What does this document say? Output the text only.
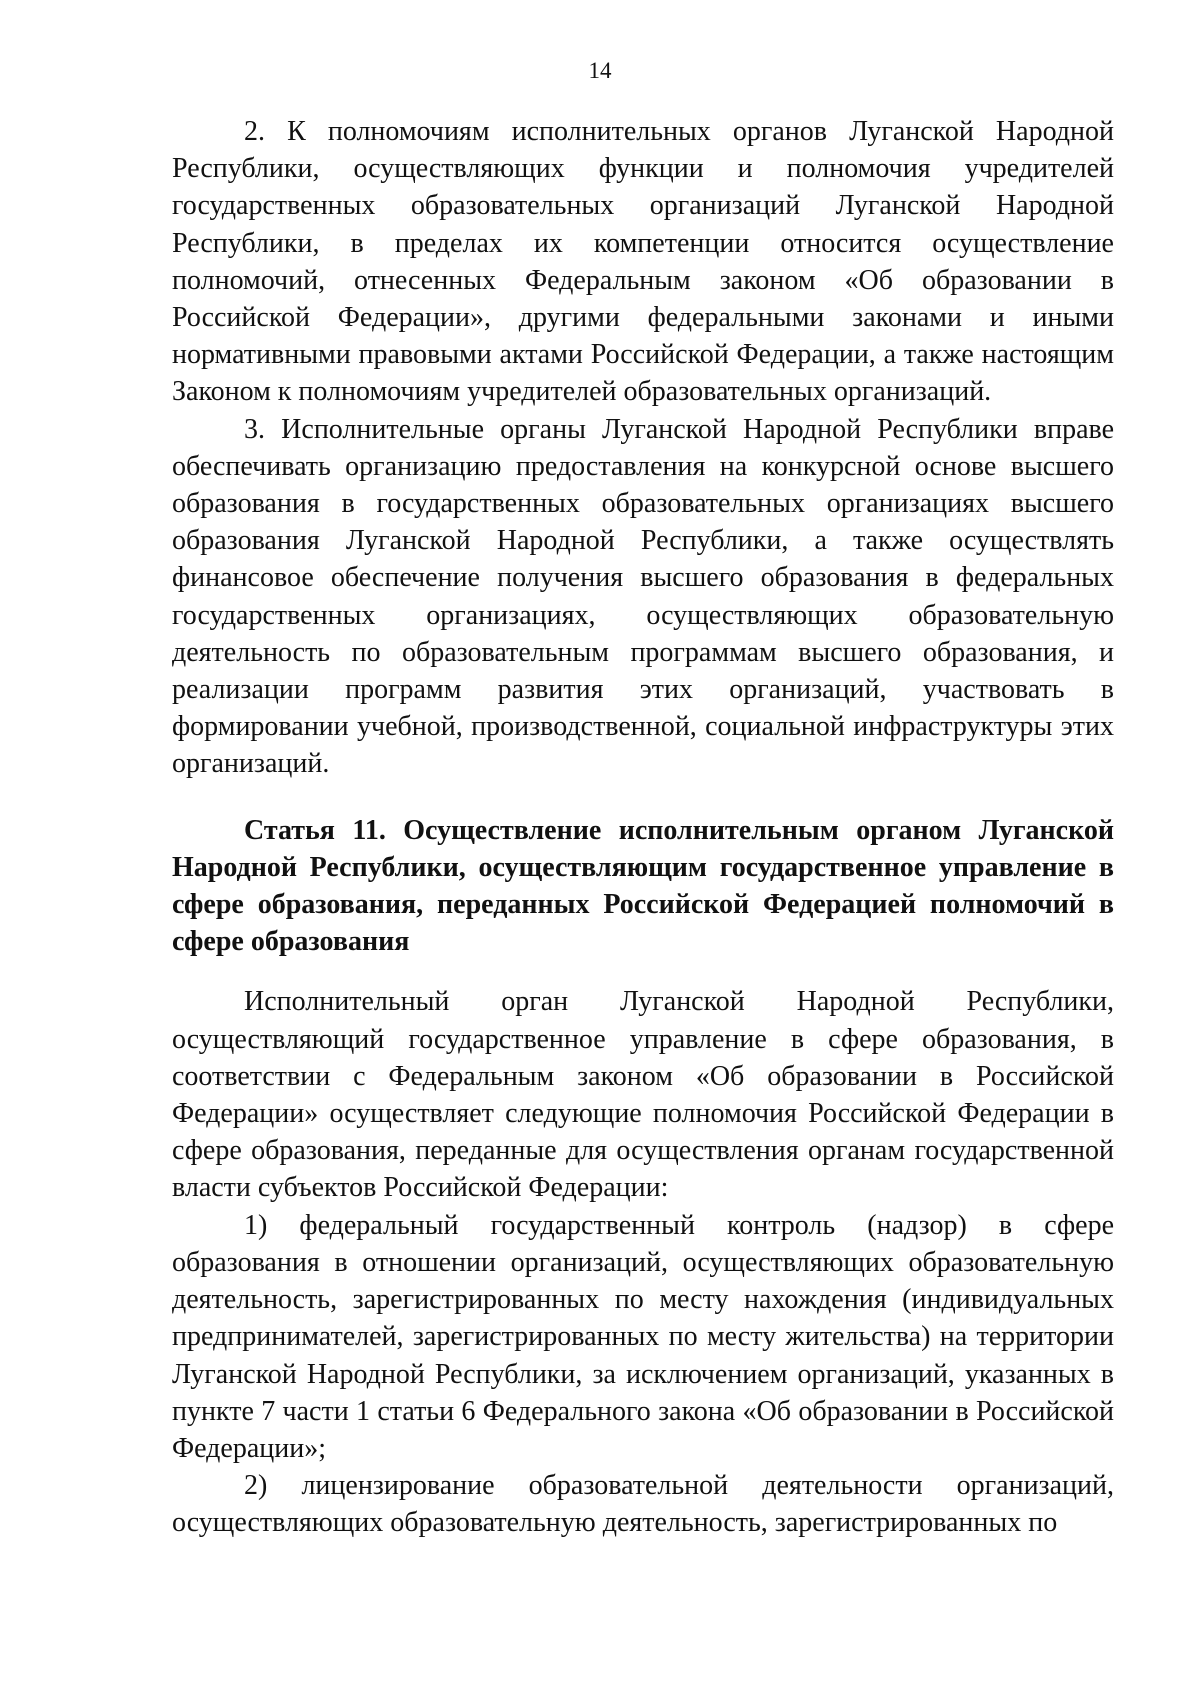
14

2. К полномочиям исполнительных органов Луганской Народной Республики, осуществляющих функции и полномочия учредителей государственных образовательных организаций Луганской Народной Республики, в пределах их компетенции относится осуществление полномочий, отнесенных Федеральным законом «Об образовании в Российской Федерации», другими федеральными законами и иными нормативными правовыми актами Российской Федерации, а также настоящим Законом к полномочиям учредителей образовательных организаций.

3. Исполнительные органы Луганской Народной Республики вправе обеспечивать организацию предоставления на конкурсной основе высшего образования в государственных образовательных организациях высшего образования Луганской Народной Республики, а также осуществлять финансовое обеспечение получения высшего образования в федеральных государственных организациях, осуществляющих образовательную деятельность по образовательным программам высшего образования, и реализации программ развития этих организаций, участвовать в формировании учебной, производственной, социальной инфраструктуры этих организаций.

Статья 11. Осуществление исполнительным органом Луганской Народной Республики, осуществляющим государственное управление в сфере образования, переданных Российской Федерацией полномочий в сфере образования

Исполнительный орган Луганской Народной Республики, осуществляющий государственное управление в сфере образования, в соответствии с Федеральным законом «Об образовании в Российской Федерации» осуществляет следующие полномочия Российской Федерации в сфере образования, переданные для осуществления органам государственной власти субъектов Российской Федерации:

1) федеральный государственный контроль (надзор) в сфере образования в отношении организаций, осуществляющих образовательную деятельность, зарегистрированных по месту нахождения (индивидуальных предпринимателей, зарегистрированных по месту жительства) на территории Луганской Народной Республики, за исключением организаций, указанных в пункте 7 части 1 статьи 6 Федерального закона «Об образовании в Российской Федерации»;

2) лицензирование образовательной деятельности организаций, осуществляющих образовательную деятельность, зарегистрированных по
